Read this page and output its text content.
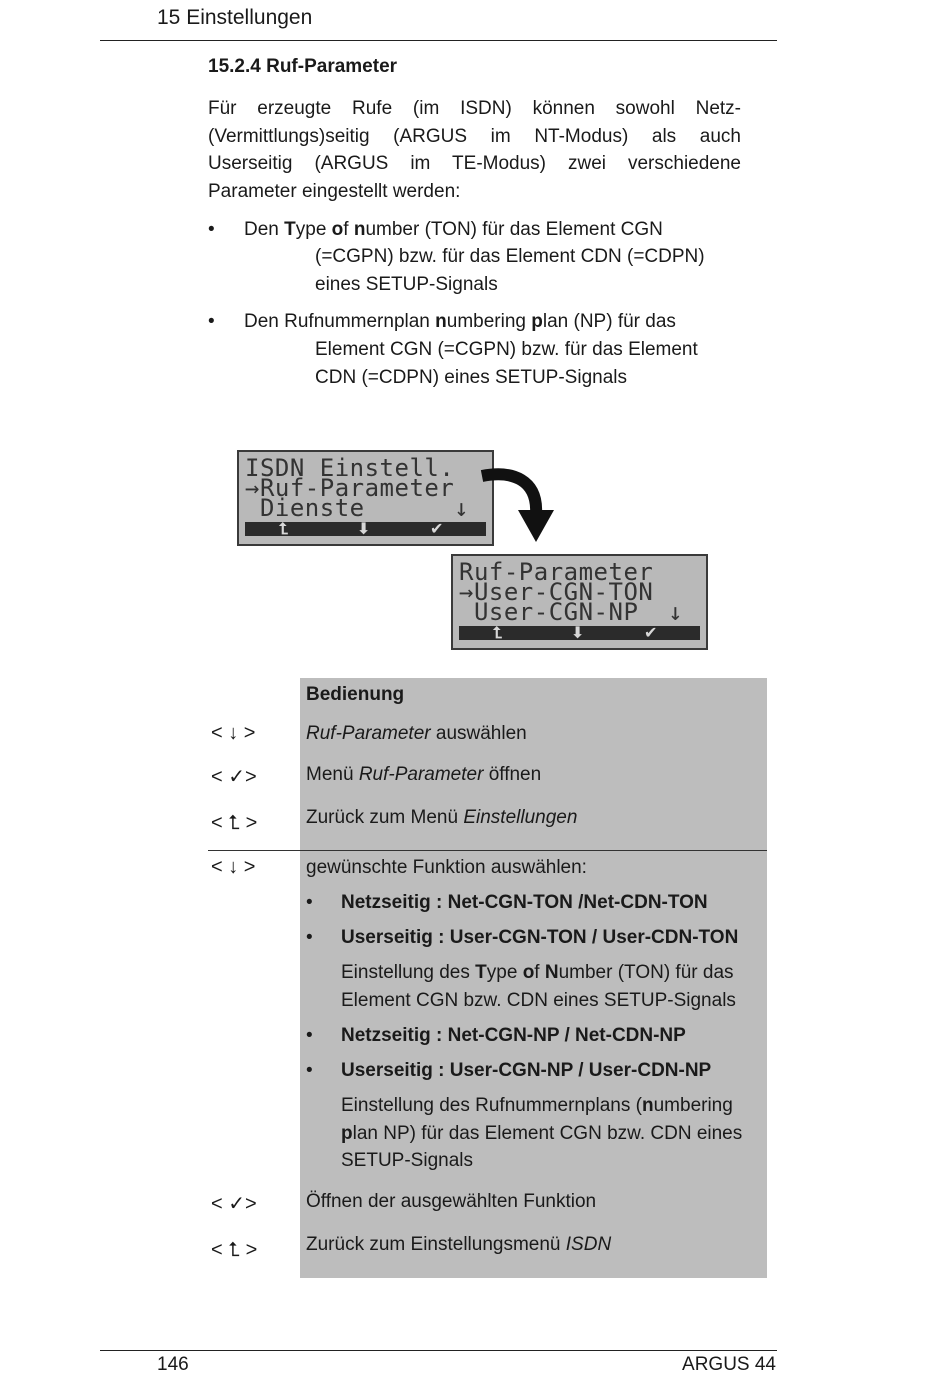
15 Einstellungen
15.2.4 Ruf-Parameter
Für erzeugte Rufe (im ISDN) können sowohl Netz-
(Vermittlungs)seitig (ARGUS im NT-Modus) als auch
Userseitig (ARGUS im TE-Modus) zwei verschiedene
Parameter eingestellt werden:
• Den Type of number (TON) für das Element CGN
(=CGPN) bzw. für das Element CDN (=CDPN)
eines SETUP-Signals
• Den Rufnummernplan numbering plan (NP) für das
Element CGN (=CGPN) bzw. für das Element
CDN (=CDPN) eines SETUP-Signals
ISDN Einstell.
→Ruf-Parameter
Dienste      ↓
⮤	⬇	✔
Ruf-Parameter
→User-CGN-TON
User-CGN-NP  ↓
⮤	⬇	✔
Bedienung
< ↓ >	Ruf-Parameter auswählen
< ✓>	Menü Ruf-Parameter öffnen
< ⮤ >	Zurück zum Menü Einstellungen
< ↓ >	gewünschte Funktion auswählen:
• Netzseitig : Net-CGN-TON /Net-CDN-TON
• Userseitig : User-CGN-TON / User-CDN-TON
Einstellung des Type of Number (TON) für das
Element CGN bzw. CDN eines SETUP-Signals
• Netzseitig : Net-CGN-NP / Net-CDN-NP
• Userseitig : User-CGN-NP / User-CDN-NP
Einstellung des Rufnummernplans (numbering
plan NP) für das Element CGN bzw. CDN eines
SETUP-Signals
< ✓>	Öffnen der ausgewählten Funktion
< ⮤ >	Zurück zum Einstellungsmenü ISDN
146	ARGUS 44
